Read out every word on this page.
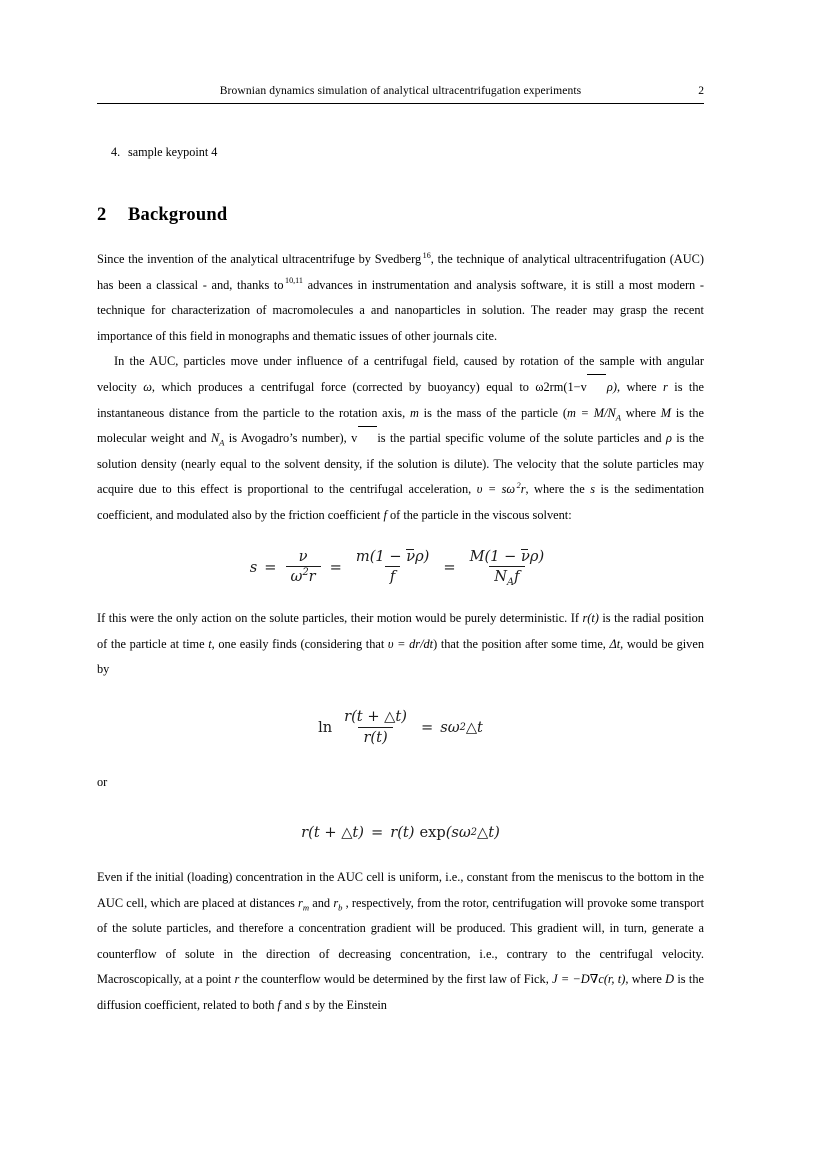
Brownian dynamics simulation of analytical ultracentrifugation experiments	2
4. sample keypoint 4
2 Background

Since the invention of the analytical ultracentrifuge by Svedberg $^{16}$, the technique of analytical ultracentrifugation (AUC) has been a classical - and, thanks to $^{10,11}$ advances in instrumentation and analysis software, it is still a most modern - technique for characterization of macromolecules a and nanoparticles in solution. The reader may grasp the recent importance of this field in monographs and thematic issues of other journals cite.

In the AUC, particles move under influence of a centrifugal field, caused by rotation of the sample with angular velocity ω, which produces a centrifugal force (corrected by buoyancy) equal to ω2rm(1−v ρ), where r is the instantaneous distance from the particle to the rotation axis, m is the mass of the particle ($m = M/N_A$ where M is the molecular weight and $N_A$ is Avogadro’s number), v is the partial specific volume of the solute particles and ρ is the solution density (nearly equal to the solvent density, if the solution is dilute). The velocity that the solute particles may acquire due to this effect is proportional to the centrifugal acceleration, υ = sω $^2$r, where the s is the sedimentation coefficient, and modulated also by the friction coefficient f of the particle in the viscous solvent:

$s = \frac{\nu}{\omega^2r} = \frac{m(1 - \nu\rho)}{f} = \frac{M(1 - \nu\rho)}{N_Af}$

If this were the only action on the solute particles, their motion would be purely deterministic. If r(t) is the radial position of the particle at time t, one easily finds (considering that υ = dr/dt) that the position after some time, Δt, would be given by

$\ln \frac{r(t + \triangle t)}{r(t)} = s\omega$ 2 △t

or

r(t + △t) = r(t) exp (sω 2 △t)

Even if the initial (loading) concentration in the AUC cell is uniform, i.e., constant from the meniscus to the bottom in the AUC cell, which are placed at distances $r_m$ and $r_b$ , respectively, from the rotor, centrifugation will provoke some transport of the solute particles, and therefore a concentration gradient will be produced. This gradient will, in turn, generate a counterflow of solute in the direction of decreasing concentration, i.e., contrary to the centrifugal velocity. Macroscopically, at a point r the counterflow would be determined by the first law of Fick, J = −D∇c(r, t), where D is the diffusion coefficient, related to both f and s by the Einstein
